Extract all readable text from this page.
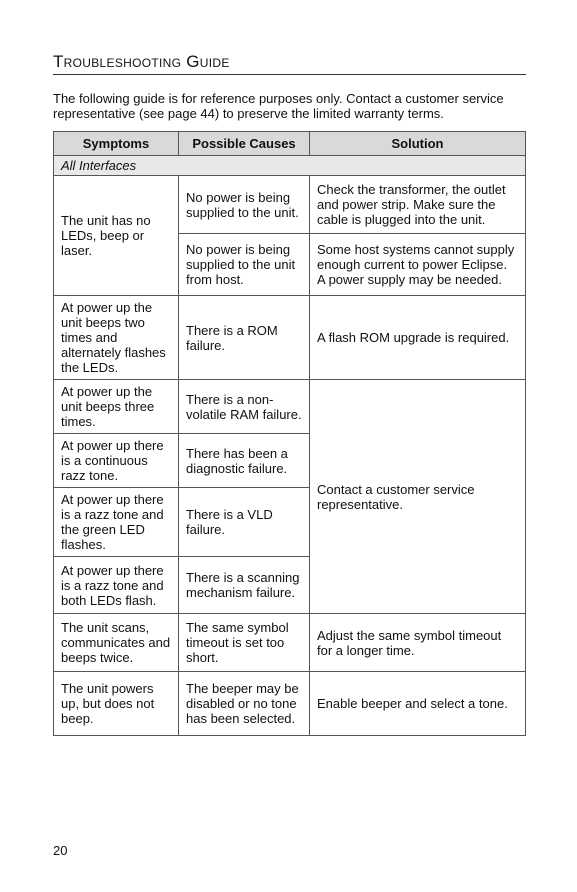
Troubleshooting Guide
The following guide is for reference purposes only. Contact a customer service representative (see page 44) to preserve the limited warranty terms.
Symptoms	Possible Causes	Solution
All Interfaces		
The unit has no LEDs, beep or laser.	No power is being supplied to the unit.	Check the transformer, the outlet and power strip. Make sure the cable is plugged into the unit.
	No power is being supplied to the unit from host.	Some host systems cannot supply enough current to power Eclipse. A power supply may be needed.
At power up the unit beeps two times and alternately flashes the LEDs.	There is a ROM failure.	A flash ROM upgrade is required.
At power up the unit beeps three times.	There is a non-volatile RAM failure.	Contact a customer service representative.
At power up there is a continuous razz tone.	There has been a diagnostic failure.	
At power up there is a razz tone and the green LED flashes.	There is a VLD failure.	
At power up there is a razz tone and both LEDs flash.	There is a scanning mechanism failure.	
The unit scans, communicates and beeps twice.	The same symbol timeout is set too short.	Adjust the same symbol timeout for a longer time.
The unit powers up, but does not beep.	The beeper may be disabled or no tone has been selected.	Enable beeper and select a tone.
20
